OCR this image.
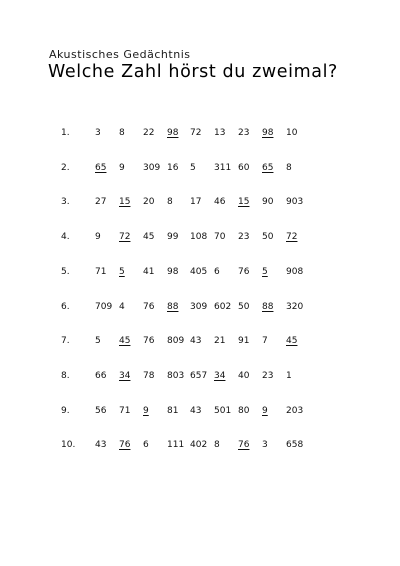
Akustisches Gedächtnis
Welche Zahl hörst du zweimal?
1.	3 8 22 98 72 13 23 98 10
2.	65 9 309 16 5 311 60 65 8
3.	27 15 20 8 17 46 15 90 903
4.	9 72 45 99 108 70 23 50 72
5.	71 5 41 98 405 6 76 5 908
6.	709 4 76 88 309 602 50 88 320
7.	5 45 76 809 43 21 91 7 45
8.	66 34 78 803 657 34 40 23 1
9.	56 71 9 81 43 501 80 9 203
10. 43 76 6 111 402 8 76 3 658
